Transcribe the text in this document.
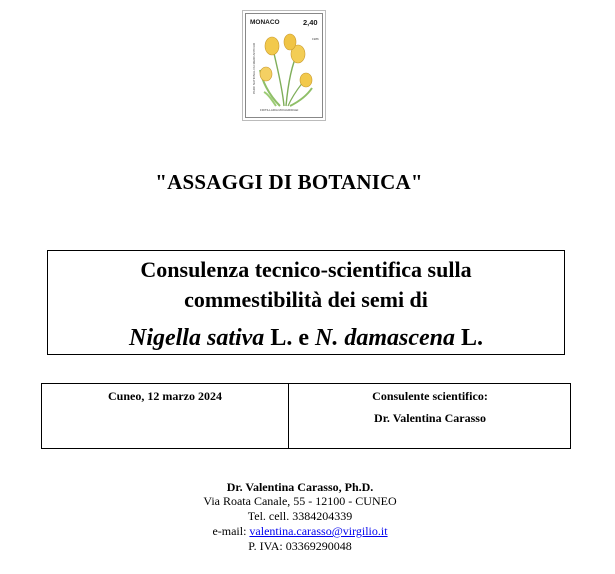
MONACO	2,40
1986
PARC NATIONAL DU MERCANTOUR
FRITILLARIA MOGGRIDGEI
"ASSAGGI DI BOTANICA"
Consulenza tecnico-scientifica sulla
commestibilità dei semi di
Nigella sativa L. e N. damascena L.
Cuneo, 12 marzo 2024	Consulente scientifico:
Dr. Valentina Carasso
Dr. Valentina Carasso, Ph.D.
Via Roata Canale, 55 - 12100 - CUNEO
Tel. cell. 3384204339
e-mail: valentina.carasso@virgilio.it
P. IVA: 03369290048
